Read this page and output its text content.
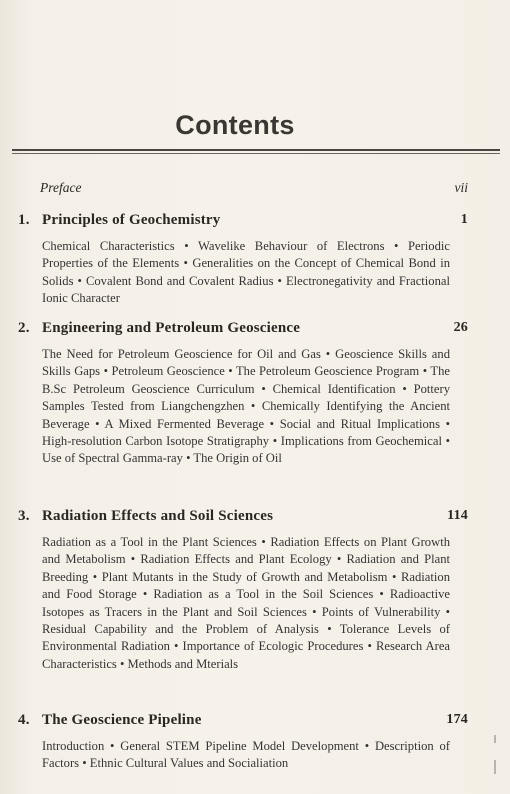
Contents
Preface	vii
1. Principles of Geochemistry	1
Chemical Characteristics • Wavelike Behaviour of Electrons • Periodic Properties of the Elements • Generalities on the Concept of Chemical Bond in Solids • Covalent Bond and Covalent Radius • Electronegativity and Fractional Ionic Character
2. Engineering and Petroleum Geoscience	26
The Need for Petroleum Geoscience for Oil and Gas • Geoscience Skills and Skills Gaps • Petroleum Geoscience • The Petroleum Geoscience Program • The B.Sc Petroleum Geoscience Curriculum • Chemical Identification • Pottery Samples Tested from Liangchengzhen • Chemically Identifying the Ancient Beverage • A Mixed Fermented Beverage • Social and Ritual Implications • High-resolution Carbon Isotope Stratigraphy • Implications from Geochemical • Use of Spectral Gamma-ray • The Origin of Oil
3. Radiation Effects and Soil Sciences	114
Radiation as a Tool in the Plant Sciences • Radiation Effects on Plant Growth and Metabolism • Radiation Effects and Plant Ecology • Radiation and Plant Breeding • Plant Mutants in the Study of Growth and Metabolism • Radiation and Food Storage • Radiation as a Tool in the Soil Sciences • Radioactive Isotopes as Tracers in the Plant and Soil Sciences • Points of Vulnerability • Residual Capability and the Problem of Analysis • Tolerance Levels of Environmental Radiation • Importance of Ecologic Procedures • Research Area Characteristics • Methods and Mterials
4. The Geoscience Pipeline	174
Introduction • General STEM Pipeline Model Development • Description of Factors • Ethnic Cultural Values and Socialiation
